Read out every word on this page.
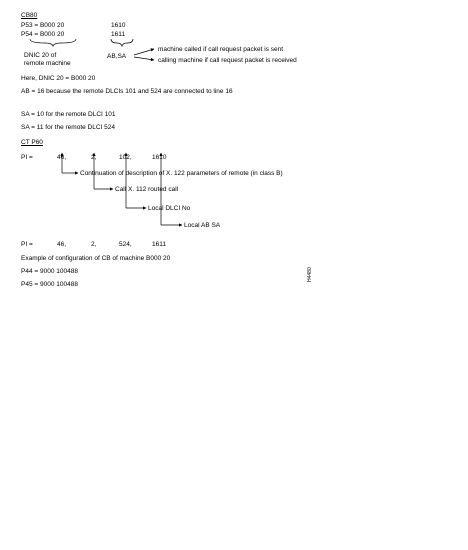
CB80
P53 = B000 20	1610
P54 = B000 20	1611
DNIC 20 of
remote machine
AB,SA
machine called if call request packet is sent
calling machine if call request packet is received
Here, DNIC 20 = B000 20
AB = 16 because the remote DLCIs 101 and 524 are connected to line 16
SA = 10 for the remote DLCI 101
SA = 11 for the remote DLCI 524
CT P60
PI =	46,	2,	102,	1610
Continuation of description of X. 122 parameters of remote (in class B)
Call X. 112 routed call
Local DLCI No
Local AB SA
PI =	46,	2,	524,	1611
Example of configuration of CB of machine B000 20
P44 = 9000 100488
P45 = 9000 100488
H4480
